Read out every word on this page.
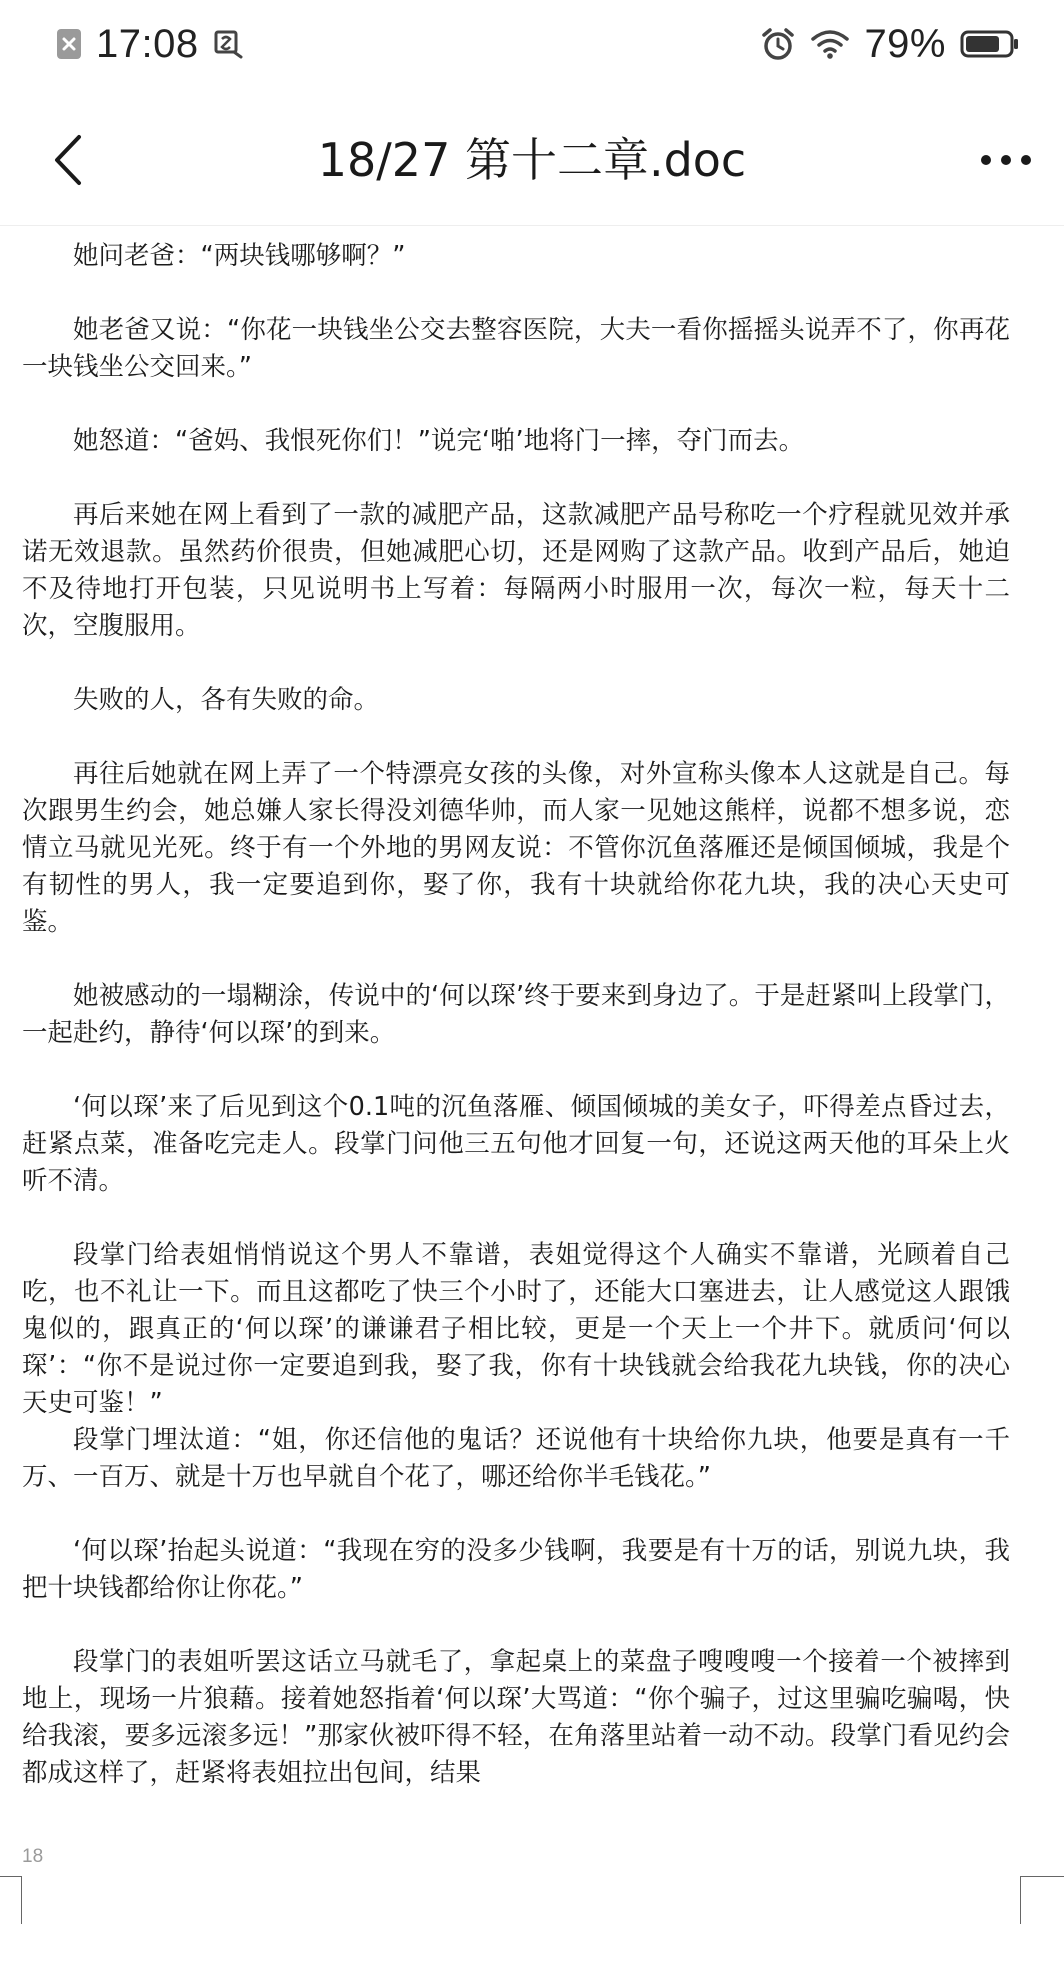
17:08	79%
18/27 第十二章.doc

她问老爸：“两块钱哪够啊？”

她老爸又说：“你花一块钱坐公交去整容医院，大夫一看你摇摇头说弄不了，你再花一块钱坐公交回来。”

她怒道：“爸妈、我恨死你们！”说完‘啪’地将门一摔，夺门而去。

再后来她在网上看到了一款的减肥产品，这款减肥产品号称吃一个疗程就见效并承诺无效退款。虽然药价很贵，但她减肥心切，还是网购了这款产品。收到产品后，她迫不及待地打开包装，只见说明书上写着：每隔两小时服用一次，每次一粒，每天十二次，空腹服用。

失败的人，各有失败的命。

再往后她就在网上弄了一个特漂亮女孩的头像，对外宣称头像本人这就是自己。每次跟男生约会，她总嫌人家长得没刘德华帅，而人家一见她这熊样，说都不想多说，恋情立马就见光死。终于有一个外地的男网友说：不管你沉鱼落雁还是倾国倾城，我是个有韧性的男人，我一定要追到你，娶了你，我有十块就给你花九块，我的决心天史可鉴。

她被感动的一塌糊涂，传说中的‘何以琛’终于要来到身边了。于是赶紧叫上段掌门，一起赴约，静待‘何以琛’的到来。

‘何以琛’来了后见到这个0.1吨的沉鱼落雁、倾国倾城的美女子，吓得差点昏过去，赶紧点菜，准备吃完走人。段掌门问他三五句他才回复一句，还说这两天他的耳朵上火听不清。

段掌门给表姐悄悄说这个男人不靠谱，表姐觉得这个人确实不靠谱，光顾着自己吃，也不礼让一下。而且这都吃了快三个小时了，还能大口塞进去，让人感觉这人跟饿鬼似的，跟真正的‘何以琛’的谦谦君子相比较，更是一个天上一个井下。就质问‘何以琛’：“你不是说过你一定要追到我，娶了我，你有十块钱就会给我花九块钱，你的决心天史可鉴！”

段掌门埋汰道：“姐，你还信他的鬼话？还说他有十块给你九块，他要是真有一千万、一百万、就是十万也早就自个花了，哪还给你半毛钱花。”

‘何以琛’抬起头说道：“我现在穷的没多少钱啊，我要是有十万的话，别说九块，我把十块钱都给你让你花。”

段掌门的表姐听罢这话立马就毛了，拿起桌上的菜盘子嗖嗖嗖一个接着一个被摔到地上，现场一片狼藉。接着她怒指着‘何以琛’大骂道：“你个骗子，过这里骗吃骗喝，快给我滚，要多远滚多远！”那家伙被吓得不轻，在角落里站着一动不动。段掌门看见约会都成这样了，赶紧将表姐拉出包间，结果

18
